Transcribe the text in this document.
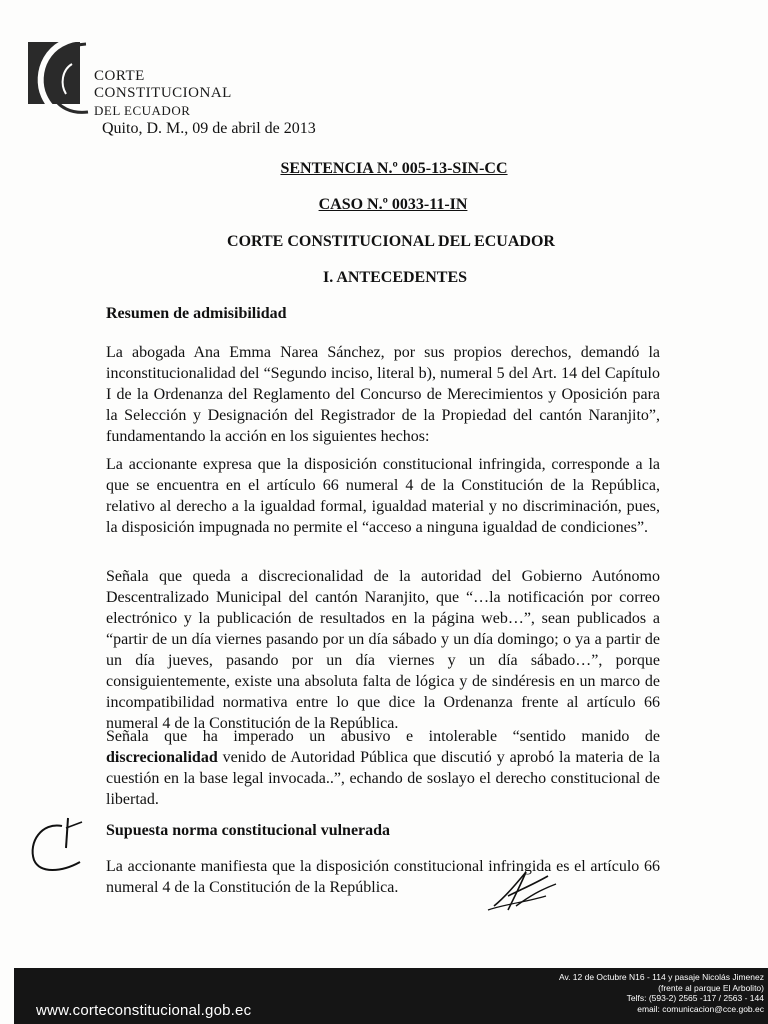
CORTE
CONSTITUCIONAL
DEL ECUADOR
Quito, D. M., 09 de abril de 2013
SENTENCIA N.º 005-13-SIN-CC
CASO N.º 0033-11-IN
CORTE CONSTITUCIONAL DEL ECUADOR
I. ANTECEDENTES
Resumen de admisibilidad

La abogada Ana Emma Narea Sánchez, por sus propios derechos, demandó la inconstitucionalidad del “Segundo inciso, literal b), numeral 5 del Art. 14 del Capítulo I de la Ordenanza del Reglamento del Concurso de Merecimientos y Oposición para la Selección y Designación del Registrador de la Propiedad del cantón Naranjito”, fundamentando la acción en los siguientes hechos:

La accionante expresa que la disposición constitucional infringida, corresponde a la que se encuentra en el artículo 66 numeral 4 de la Constitución de la República, relativo al derecho a la igualdad formal, igualdad material y no discriminación, pues, la disposición impugnada no permite el “acceso a ninguna igualdad de condiciones”.

Señala que queda a discrecionalidad de la autoridad del Gobierno Autónomo Descentralizado Municipal del cantón Naranjito, que “…la notificación por correo electrónico y la publicación de resultados en la página web…”, sean publicados a “partir de un día viernes pasando por un día sábado y un día domingo; o ya a partir de un día jueves, pasando por un día viernes y un día sábado…”, porque consiguientemente, existe una absoluta falta de lógica y de sindéresis en un marco de incompatibilidad normativa entre lo que dice la Ordenanza frente al artículo 66 numeral 4 de la Constitución de la República.

Señala que ha imperado un abusivo e intolerable “sentido manido de discrecionalidad venido de Autoridad Pública que discutió y aprobó la materia de la cuestión en la base legal invocada..”, echando de soslayo el derecho constitucional de libertad.

Supuesta norma constitucional vulnerada

La accionante manifiesta que la disposición constitucional infringida es el artículo 66 numeral 4 de la Constitución de la República.

www.corteconstitucional.gob.ec
Av. 12 de Octubre N16 - 114 y pasaje Nicolás Jimenez
(frente al parque El Arbolito)
Telfs: (593-2) 2565 -117 / 2563 - 144
email: comunicacion@cce.gob.ec
